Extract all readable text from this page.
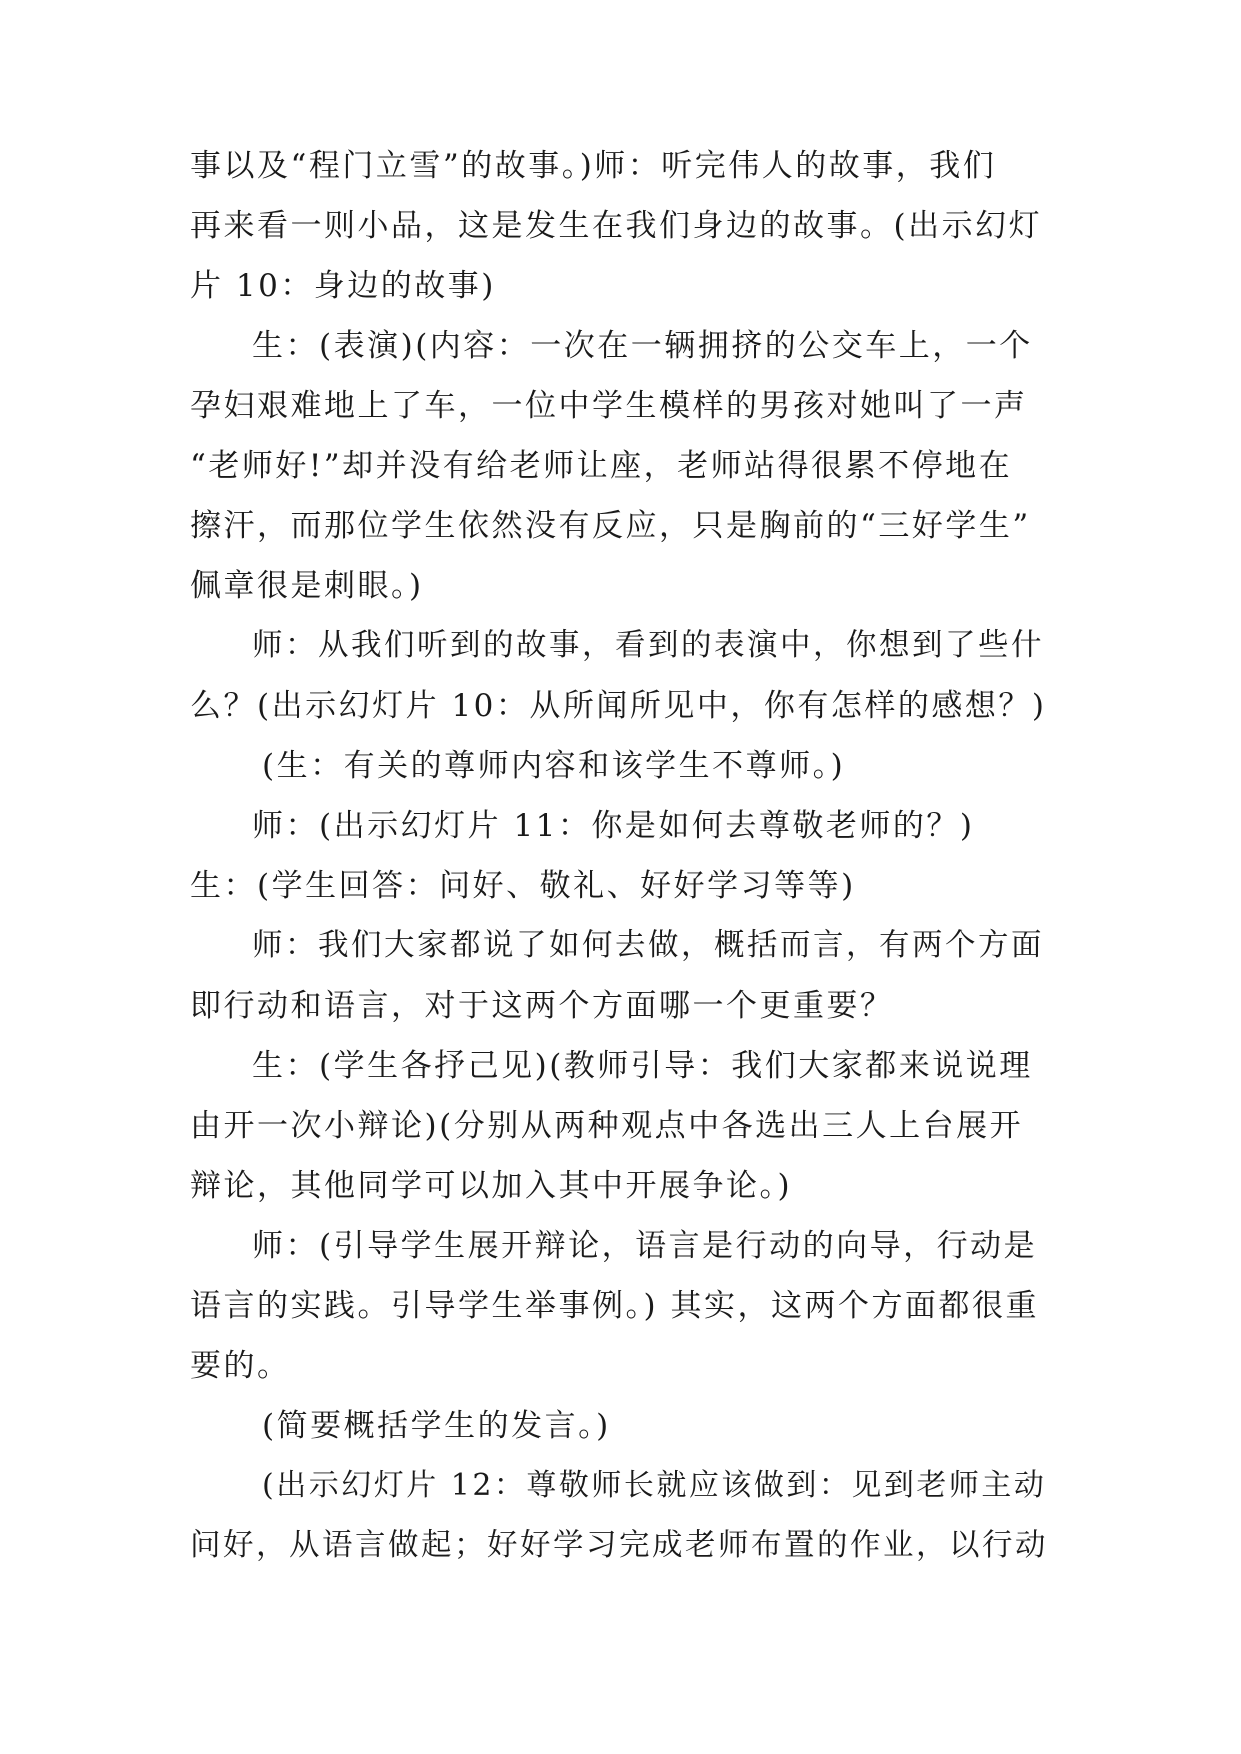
事以及“程门立雪”的故事。)师：听完伟人的故事，我们
再来看一则小品，这是发生在我们身边的故事。(出示幻灯
片 10：身边的故事)
生：(表演)(内容：一次在一辆拥挤的公交车上，一个
孕妇艰难地上了车，一位中学生模样的男孩对她叫了一声
“老师好!”却并没有给老师让座，老师站得很累不停地在
擦汗，而那位学生依然没有反应，只是胸前的“三好学生”
佩章很是刺眼。)
师：从我们听到的故事，看到的表演中，你想到了些什
么？(出示幻灯片 10：从所闻所见中，你有怎样的感想？)
(生：有关的尊师内容和该学生不尊师。)
师：(出示幻灯片 11：你是如何去尊敬老师的？)
生：(学生回答：问好、敬礼、好好学习等等)
师：我们大家都说了如何去做，概括而言，有两个方面
即行动和语言，对于这两个方面哪一个更重要？
生：(学生各抒己见)(教师引导：我们大家都来说说理
由开一次小辩论)(分别从两种观点中各选出三人上台展开
辩论，其他同学可以加入其中开展争论。)
师：(引导学生展开辩论，语言是行动的向导，行动是
语言的实践。引导学生举事例。) 其实，这两个方面都很重
要的。
(简要概括学生的发言。)
(出示幻灯片 12：尊敬师长就应该做到：见到老师主动
问好，从语言做起；好好学习完成老师布置的作业，以行动
